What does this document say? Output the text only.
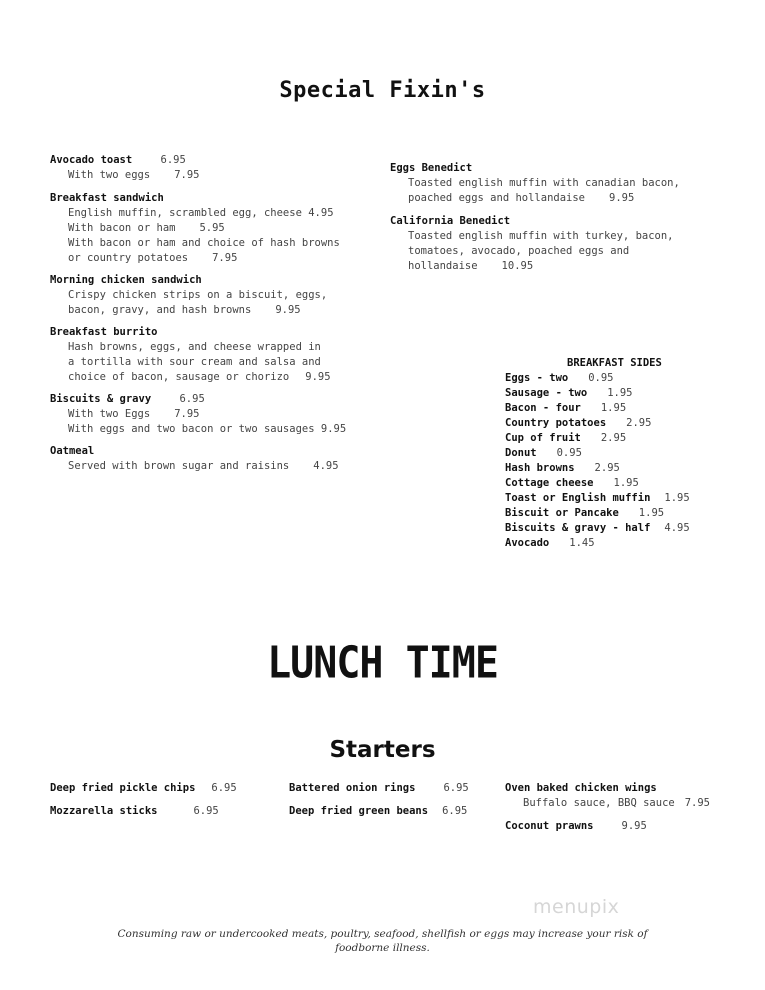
Special Fixin's
Avocado toast	6.95
With two eggs 7.95
Breakfast sandwich
English muffin, scrambled egg, cheese 4.95
With bacon or ham 5.95
With bacon or ham and choice of hash browns
or country potatoes 7.95
Morning chicken sandwich
Crispy chicken strips on a biscuit, eggs,
bacon, gravy, and hash browns 9.95
Breakfast burrito
Hash browns, eggs, and cheese wrapped in
a tortilla with sour cream and salsa and
choice of bacon, sausage or chorizo 9.95
Biscuits & gravy	6.95
With two Eggs 7.95
With eggs and two bacon or two sausages 9.95
Oatmeal
Served with brown sugar and raisins 4.95
Eggs Benedict
Toasted english muffin with canadian bacon,
poached eggs and hollandaise 9.95
California Benedict
Toasted english muffin with turkey, bacon,
tomatoes, avocado, poached eggs and
hollandaise 10.95
BREAKFAST SIDES
Eggs - two 0.95
Sausage - two 1.95
Bacon - four 1.95
Country potatoes 2.95
Cup of fruit 2.95
Donut 0.95
Hash browns 2.95
Cottage cheese 1.95
Toast or English muffin 1.95
Biscuit or Pancake 1.95
Biscuits & gravy - half 4.95
Avocado 1.45
LUNCH TIME
Starters
Deep fried pickle chips 6.95
Mozzarella sticks	6.95
Battered onion rings	6.95
Deep fried green beans 6.95
Oven baked chicken wings
Buffalo sauce, BBQ sauce 7.95
Coconut prawns	9.95
menupix
Consuming raw or undercooked meats, poultry, seafood, shellfish or eggs may increase your risk of
foodborne illness.
